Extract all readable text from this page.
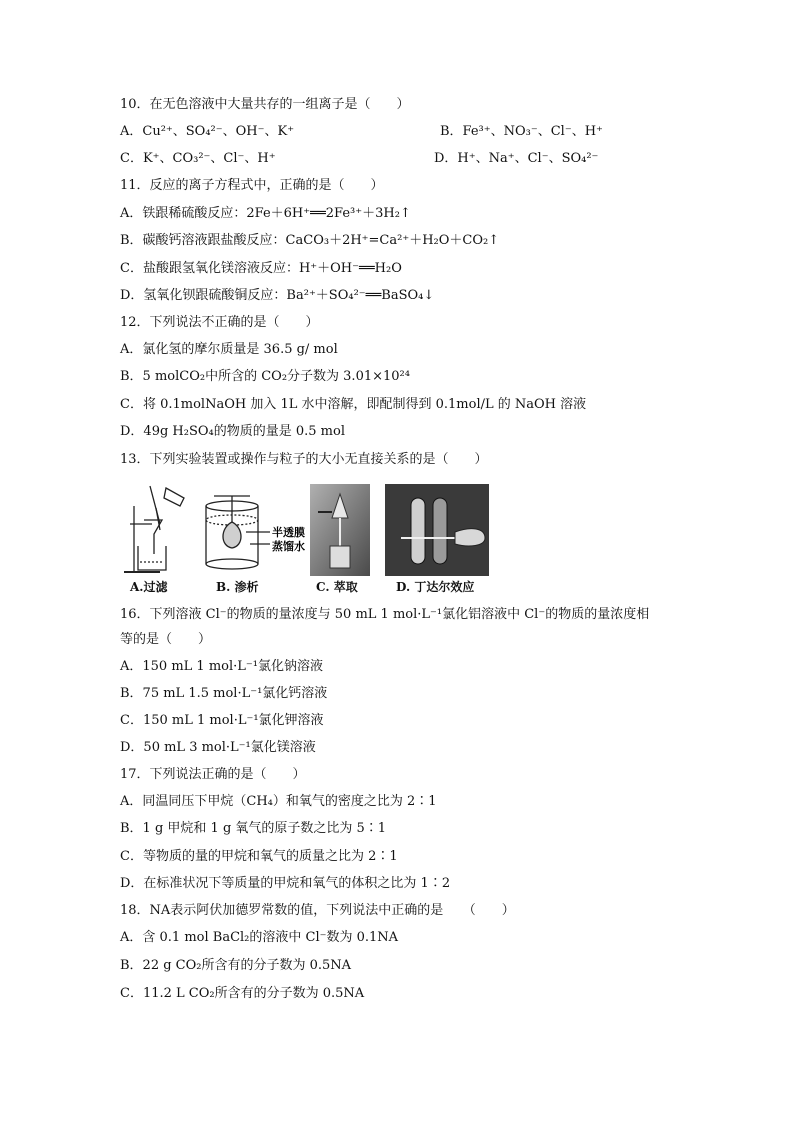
10．在无色溶液中大量共存的一组离子是（　　）
A．Cu²⁺、SO₄²⁻、OH⁻、K⁺	B．Fe³⁺、NO₃⁻、Cl⁻、H⁺
C．K⁺、CO₃²⁻、Cl⁻、H⁺	D．H⁺、Na⁺、Cl⁻、SO₄²⁻
11．反应的离子方程式中，正确的是（　　）
A．铁跟稀硫酸反应：2Fe＋6H⁺══2Fe³⁺＋3H₂↑
B．碳酸钙溶液跟盐酸反应：CaCO₃＋2H⁺=Ca²⁺＋H₂O＋CO₂↑
C．盐酸跟氢氧化镁溶液反应：H⁺＋OH⁻══H₂O
D．氢氧化钡跟硫酸铜反应：Ba²⁺＋SO₄²⁻══BaSO₄↓
12．下列说法不正确的是（　　）
A．氯化氢的摩尔质量是 36.5 g/ mol
B．5 molCO₂中所含的 CO₂分子数为 3.01×10²⁴
C．将 0.1molNaOH 加入 1L 水中溶解，即配制得到 0.1mol/L 的 NaOH 溶液
D．49g H₂SO₄的物质的量是 0.5 mol
13．下列实验装置或操作与粒子的大小无直接关系的是（　　）
A.过滤
半透膜
蒸馏水
B. 渗析	C. 萃取	D. 丁达尔效应
16．下列溶液 Cl⁻的物质的量浓度与 50 mL 1 mol·L⁻¹氯化铝溶液中 Cl⁻的物质的量浓度相
等的是（　　）
A．150 mL 1 mol·L⁻¹氯化钠溶液
B．75 mL 1.5 mol·L⁻¹氯化钙溶液
C．150 mL 1 mol·L⁻¹氯化钾溶液
D．50 mL 3 mol·L⁻¹氯化镁溶液
17．下列说法正确的是（　　）
A．同温同压下甲烷（CH₄）和氧气的密度之比为 2∶1
B．1 g 甲烷和 1 g 氧气的原子数之比为 5∶1
C．等物质的量的甲烷和氧气的质量之比为 2∶1
D．在标准状况下等质量的甲烷和氧气的体积之比为 1∶2
18．NA表示阿伏加德罗常数的值，下列说法中正确的是　　（　　）
A．含 0.1 mol BaCl₂的溶液中 Cl⁻数为 0.1NA
B．22 g CO₂所含有的分子数为 0.5NA
C．11.2 L CO₂所含有的分子数为 0.5NA
